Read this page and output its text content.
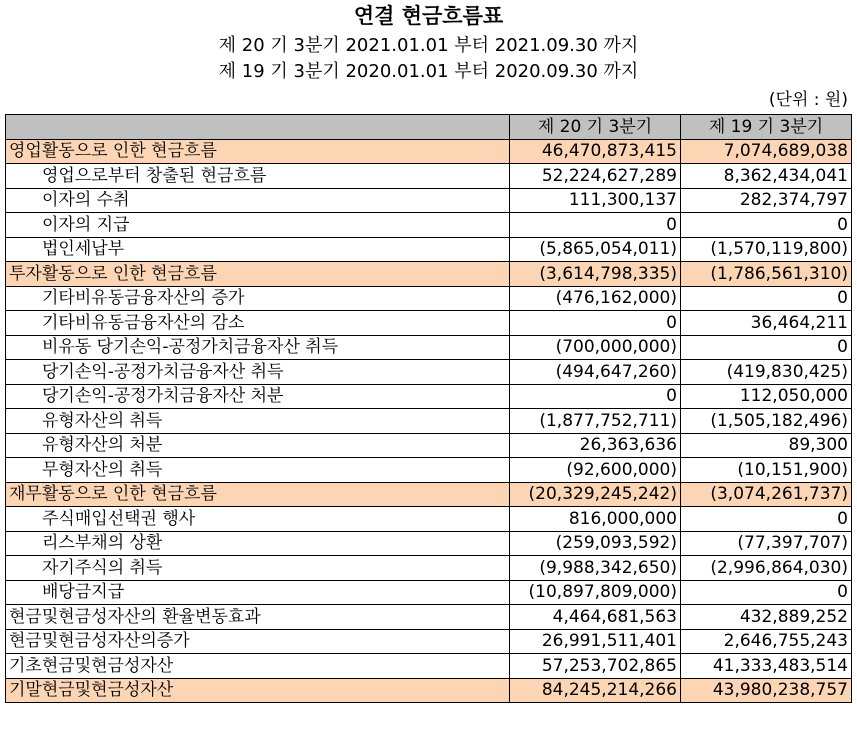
연결 현금흐름표
제 20 기 3분기 2021.01.01 부터 2021.09.30 까지
제 19 기 3분기 2020.01.01 부터 2020.09.30 까지
(단위 : 원)
	제 20 기 3분기	제 19 기 3분기
영업활동으로 인한 현금흐름	46,470,873,415	7,074,689,038
영업으로부터 창출된 현금흐름	52,224,627,289	8,362,434,041
이자의 수취	111,300,137	282,374,797
이자의 지급	0	0
법인세납부	(5,865,054,011)	(1,570,119,800)
투자활동으로 인한 현금흐름	(3,614,798,335)	(1,786,561,310)
기타비유동금융자산의 증가	(476,162,000)	0
기타비유동금융자산의 감소	0	36,464,211
비유동 당기손익-공정가치금융자산 취득	(700,000,000)	0
당기손익-공정가치금융자산 취득	(494,647,260)	(419,830,425)
당기손익-공정가치금융자산 처분	0	112,050,000
유형자산의 취득	(1,877,752,711)	(1,505,182,496)
유형자산의 처분	26,363,636	89,300
무형자산의 취득	(92,600,000)	(10,151,900)
재무활동으로 인한 현금흐름	(20,329,245,242)	(3,074,261,737)
주식매입선택권 행사	816,000,000	0
리스부채의 상환	(259,093,592)	(77,397,707)
자기주식의 취득	(9,988,342,650)	(2,996,864,030)
배당금지급	(10,897,809,000)	0
현금및현금성자산의 환율변동효과	4,464,681,563	432,889,252
현금및현금성자산의증가	26,991,511,401	2,646,755,243
기초현금및현금성자산	57,253,702,865	41,333,483,514
기말현금및현금성자산	84,245,214,266	43,980,238,757
